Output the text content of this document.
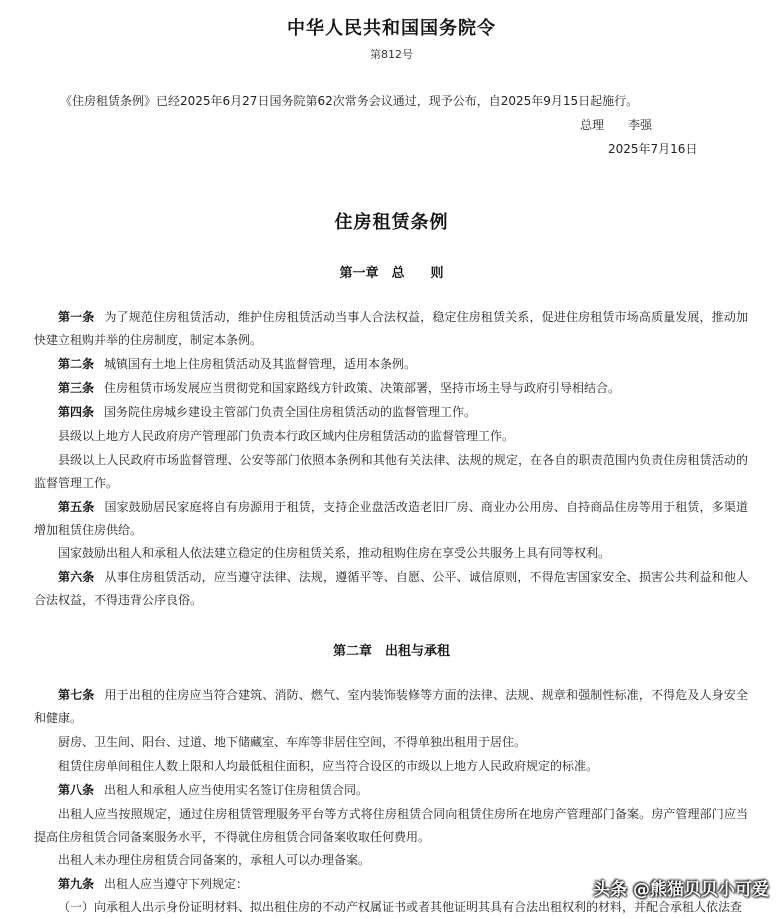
中华人民共和国国务院令
第812号
《住房租赁条例》已经2025年6月27日国务院第62次常务会议通过，现予公布，自2025年9月15日起施行。
总理 李强
2025年7月16日
住房租赁条例
第一章　总　　则
第一条 为了规范住房租赁活动，维护住房租赁活动当事人合法权益，稳定住房租赁关系，促进住房租赁市场高质量发展，推动加快建立租购并举的住房制度，制定本条例。
第二条 城镇国有土地上住房租赁活动及其监督管理，适用本条例。
第三条 住房租赁市场发展应当贯彻党和国家路线方针政策、决策部署，坚持市场主导与政府引导相结合。
第四条 国务院住房城乡建设主管部门负责全国住房租赁活动的监督管理工作。
县级以上地方人民政府房产管理部门负责本行政区域内住房租赁活动的监督管理工作。
县级以上人民政府市场监督管理、公安等部门依照本条例和其他有关法律、法规的规定，在各自的职责范围内负责住房租赁活动的监督管理工作。
第五条 国家鼓励居民家庭将自有房源用于租赁，支持企业盘活改造老旧厂房、商业办公用房、自持商品住房等用于租赁，多渠道增加租赁住房供给。
国家鼓励出租人和承租人依法建立稳定的住房租赁关系，推动租购住房在享受公共服务上具有同等权利。
第六条 从事住房租赁活动，应当遵守法律、法规，遵循平等、自愿、公平、诚信原则，不得危害国家安全、损害公共利益和他人合法权益，不得违背公序良俗。
第二章　出租与承租
第七条 用于出租的住房应当符合建筑、消防、燃气、室内装饰装修等方面的法律、法规、规章和强制性标准，不得危及人身安全和健康。
厨房、卫生间、阳台、过道、地下储藏室、车库等非居住空间，不得单独出租用于居住。
租赁住房单间租住人数上限和人均最低租住面积，应当符合设区的市级以上地方人民政府规定的标准。
第八条 出租人和承租人应当使用实名签订住房租赁合同。
出租人应当按照规定，通过住房租赁管理服务平台等方式将住房租赁合同向租赁住房所在地房产管理部门备案。房产管理部门应当提高住房租赁合同备案服务水平，不得就住房租赁合同备案收取任何费用。
出租人未办理住房租赁合同备案的，承租人可以办理备案。
第九条 出租人应当遵守下列规定：
（一）向承租人出示身份证明材料、拟出租住房的不动产权属证书或者其他证明其具有合法出租权利的材料，并配合承租人依法查
头条 @熊猫贝贝小可爱
